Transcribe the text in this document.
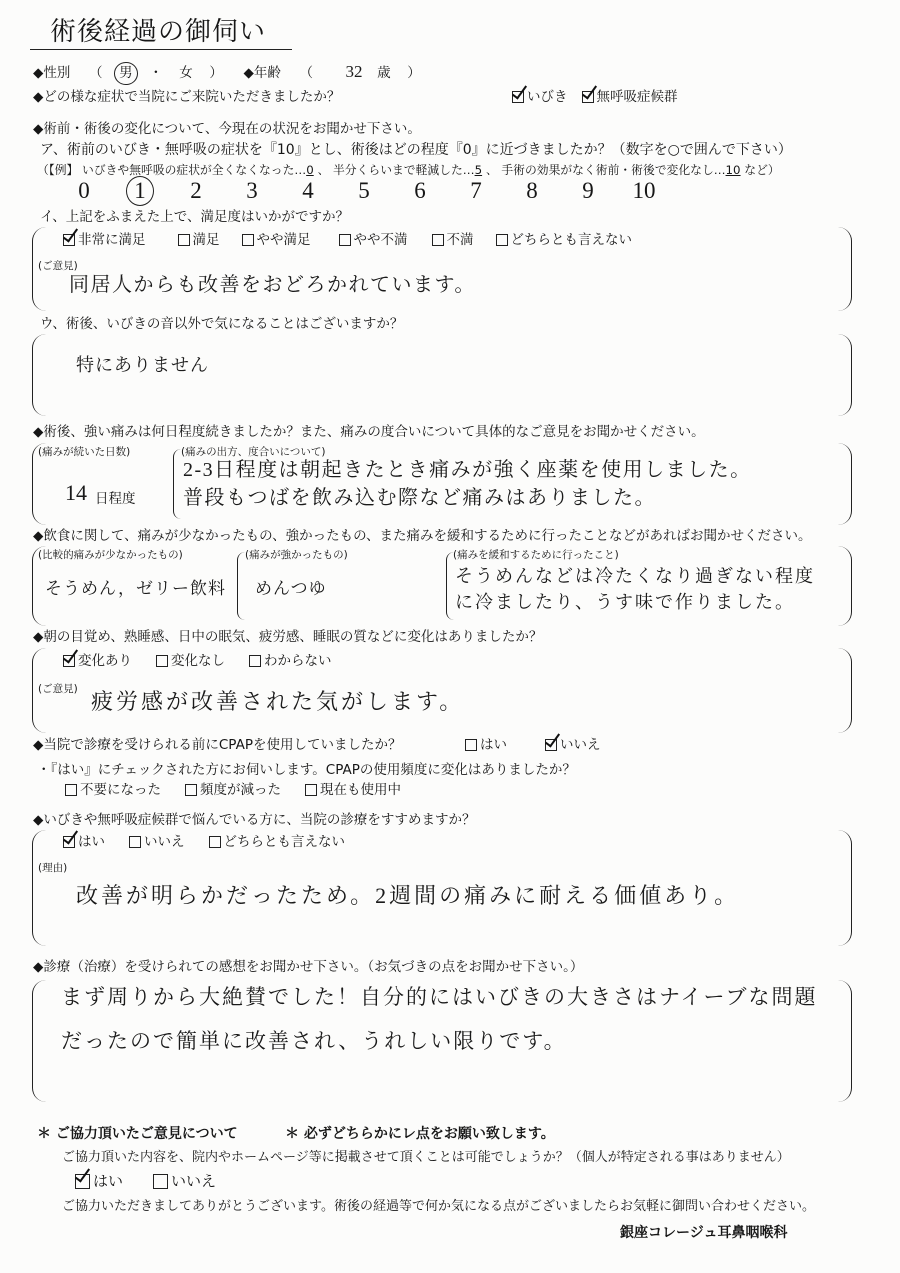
術後経過の御伺い
◆性別 （ 男 ・ 女 ） ◆年齢 （ 32 歳 ）
◆どの様な症状で当院にご来院いただきましたか？	いびき 無呼吸症候群
◆術前・術後の変化について、今現在の状況をお聞かせ下さい。
ア、術前のいびき・無呼吸の症状を『10』とし、術後はどの程度『0』に近づきましたか？（数字を○で囲んで下さい）
（【例】 いびきや無呼吸の症状が全くなくなった…0 、 半分くらいまで軽減した…5 、 手術の効果がなく術前・術後で変化なし…10 など）
0	1	2	3	4	5	6	7	8	9	10
イ、上記をふまえた上で、満足度はいかがですか？
非常に満足	満足	やや満足	やや不満	不満	どちらとも言えない
(ご意見)
同居人からも改善をおどろかれています。
ウ、術後、いびきの音以外で気になることはございますか？
特にありません
◆術後、強い痛みは何日程度続きましたか？また、痛みの度合いについて具体的なご意見をお聞かせください。
(痛みが続いた日数)
14 日程度
(痛みの出方、度合いについて)
2-3日程度は朝起きたとき痛みが強く座薬を使用しました。
普段もつばを飲み込む際など痛みはありました。
◆飲食に関して、痛みが少なかったもの、強かったもの、また痛みを緩和するために行ったことなどがあればお聞かせください。
(比較的痛みが少なかったもの)
そうめん，ゼリー飲料
(痛みが強かったもの)
めんつゆ
(痛みを緩和するために行ったこと)
そうめんなどは冷たくなり過ぎない程度
に冷ましたり、うす味で作りました。
◆朝の目覚め、熟睡感、日中の眠気、疲労感、睡眠の質などに変化はありましたか？
変化あり	変化なし	わからない
(ご意見) 疲労感が改善された気がします。
◆当院で診療を受けられる前にCPAPを使用していましたか？	はい	いいえ
・『はい』にチェックされた方にお伺いします。CPAPの使用頻度に変化はありましたか？
不要になった	頻度が減った	現在も使用中
◆いびきや無呼吸症候群で悩んでいる方に、当院の診療をすすめますか？
はい	いいえ	どちらとも言えない
(理由)
改善が明らかだったため。2週間の痛みに耐える価値あり。
◆診療（治療）を受けられての感想をお聞かせ下さい。（お気づきの点をお聞かせ下さい。）
まず周りから大絶賛でした！自分的にはいびきの大きさはナイーブな問題
だったので簡単に改善され、うれしい限りです。
＊ ご協力頂いたご意見について	＊ 必ずどちらかにレ点をお願い致します。
ご協力頂いた内容を、院内やホームページ等に掲載させて頂くことは可能でしょうか？（個人が特定される事はありません）
はい	いいえ
ご協力いただきましてありがとうございます。術後の経過等で何か気になる点がございましたらお気軽に御問い合わせください。
銀座コレージュ耳鼻咽喉科
